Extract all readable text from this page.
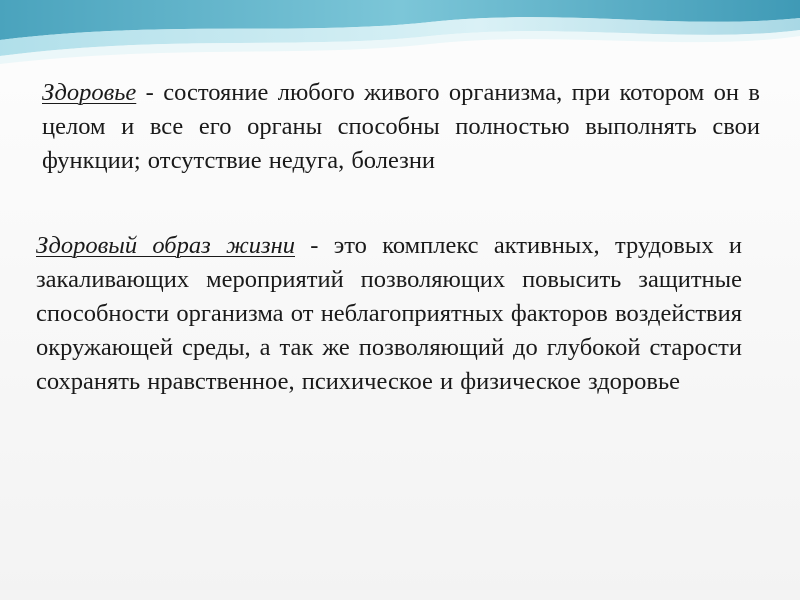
Здоровье - состояние любого живого организма, при котором он в целом и все его органы способны полностью выполнять свои функции; отсутствие недуга, болезни
Здоровый образ жизни - это комплекс активных, трудовых и закаливающих мероприятий позволяющих повысить защитные способности организма от неблагоприятных факторов воздействия окружающей среды, а так же позволяющий до глубокой старости сохранять нравственное, психическое и физическое здоровье
